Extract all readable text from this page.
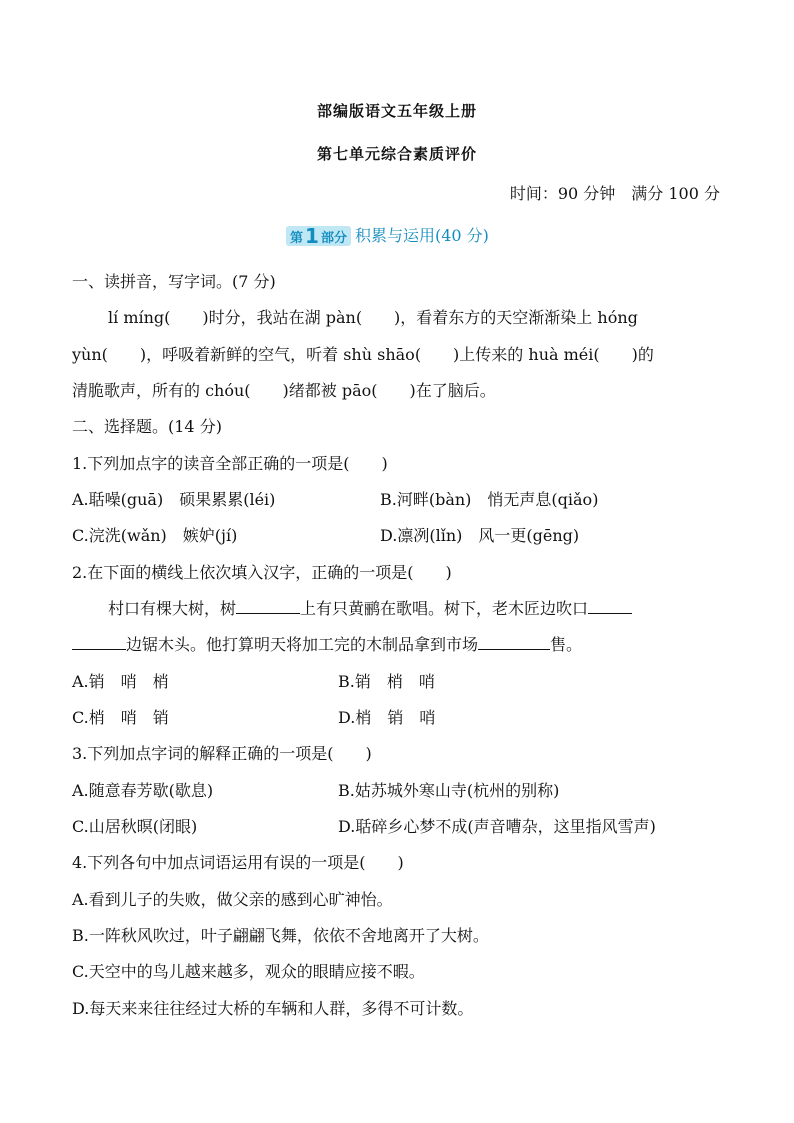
部编版语文五年级上册
第七单元综合素质评价
时间：90 分钟　满分 100 分
第 1 部分 积累与运用(40 分)
一、读拼音，写字词。(7 分)
lí míng(　　)时分，我站在湖 pàn(　　)，看着东方的天空渐渐染上 hóng
yùn(　　)，呼吸着新鲜的空气，听着 shù shāo(　　)上传来的 huà méi(　　)的
清脆歌声，所有的 chóu(　　)绪都被 pāo(　　)在了脑后。
二、选择题。(14 分)
1.下列加点字的读音全部正确的一项是(　　)
A.聒噪(guā)　硕果累累(léi)	B.河畔(bàn)　悄无声息(qiǎo)
C.浣洗(wǎn)　嫉妒(jí)	D.凛冽(lǐn)　风一更(gēng)
2.在下面的横线上依次填入汉字，正确的一项是(　　)
村口有棵大树，树	上有只黄鹂在歌唱。树下，老木匠边吹口
边锯木头。他打算明天将加工完的木制品拿到市场	售。
A.销　哨　梢	B.销　梢　哨
C.梢　哨　销	D.梢　销　哨
3.下列加点字词的解释正确的一项是(　　)
A.随意春芳歇(歇息)	B.姑苏城外寒山寺(杭州的别称)
C.山居秋暝(闭眼)	D.聒碎乡心梦不成(声音嘈杂，这里指风雪声)
4.下列各句中加点词语运用有误的一项是(　　)
A.看到儿子的失败，做父亲的感到心旷神怡。
B.一阵秋风吹过，叶子翩翩飞舞，依依不舍地离开了大树。
C.天空中的鸟儿越来越多，观众的眼睛应接不暇。
D.每天来来往往经过大桥的车辆和人群，多得不可计数。
